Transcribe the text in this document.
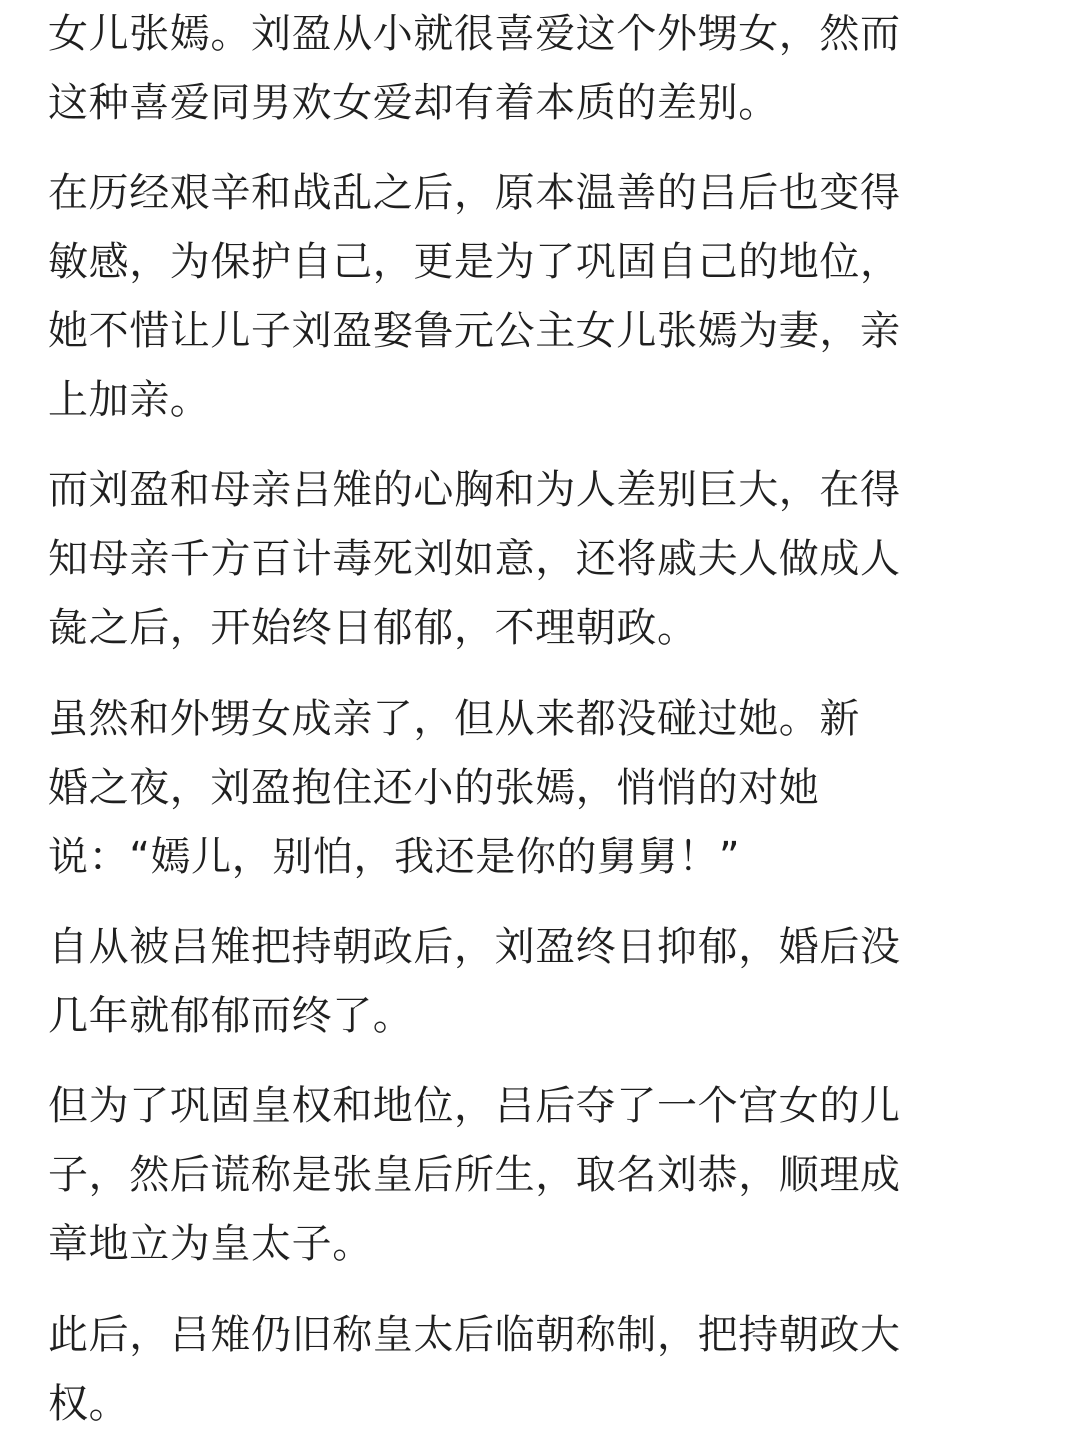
女儿张嫣。刘盈从小就很喜爱这个外甥女，然而
这种喜爱同男欢女爱却有着本质的差别。

在历经艰辛和战乱之后，原本温善的吕后也变得
敏感，为保护自己，更是为了巩固自己的地位，
她不惜让儿子刘盈娶鲁元公主女儿张嫣为妻，亲
上加亲。

而刘盈和母亲吕雉的心胸和为人差别巨大，在得
知母亲千方百计毒死刘如意，还将戚夫人做成人
彘之后，开始终日郁郁，不理朝政。

虽然和外甥女成亲了，但从来都没碰过她。新
婚之夜，刘盈抱住还小的张嫣，悄悄的对她
说：“嫣儿，别怕，我还是你的舅舅！”

自从被吕雉把持朝政后，刘盈终日抑郁，婚后没
几年就郁郁而终了。

但为了巩固皇权和地位，吕后夺了一个宫女的儿
子，然后谎称是张皇后所生，取名刘恭，顺理成
章地立为皇太子。

此后，吕雉仍旧称皇太后临朝称制，把持朝政大
权。
